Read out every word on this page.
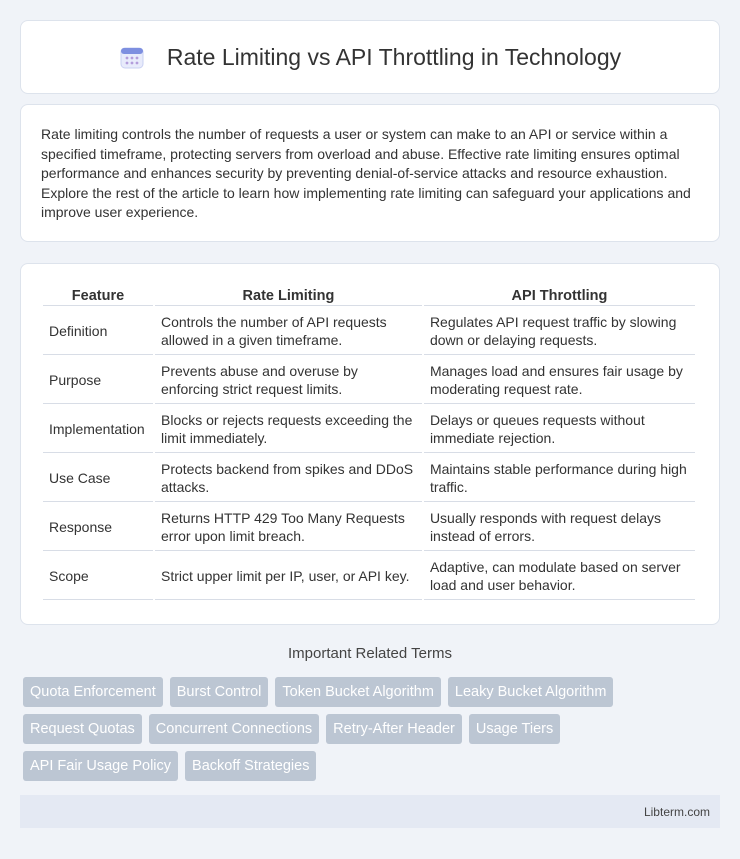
Rate Limiting vs API Throttling in Technology

Rate limiting controls the number of requests a user or system can make to an API or service within a specified timeframe, protecting servers from overload and abuse. Effective rate limiting ensures optimal performance and enhances security by preventing denial-of-service attacks and resource exhaustion. Explore the rest of the article to learn how implementing rate limiting can safeguard your applications and improve user experience.

Feature	Rate Limiting	API Throttling
Definition	Controls the number of API requests allowed in a given timeframe.	Regulates API request traffic by slowing down or delaying requests.
Purpose	Prevents abuse and overuse by enforcing strict request limits.	Manages load and ensures fair usage by moderating request rate.
Implementation	Blocks or rejects requests exceeding the limit immediately.	Delays or queues requests without immediate rejection.
Use Case	Protects backend from spikes and DDoS attacks.	Maintains stable performance during high traffic.
Response	Returns HTTP 429 Too Many Requests error upon limit breach.	Usually responds with request delays instead of errors.
Scope	Strict upper limit per IP, user, or API key.	Adaptive, can modulate based on server load and user behavior.
Important Related Terms
Quota Enforcement	Burst Control	Token Bucket Algorithm	Leaky Bucket Algorithm
Request Quotas	Concurrent Connections	Retry-After Header	Usage Tiers
API Fair Usage Policy	Backoff Strategies
Libterm.com
